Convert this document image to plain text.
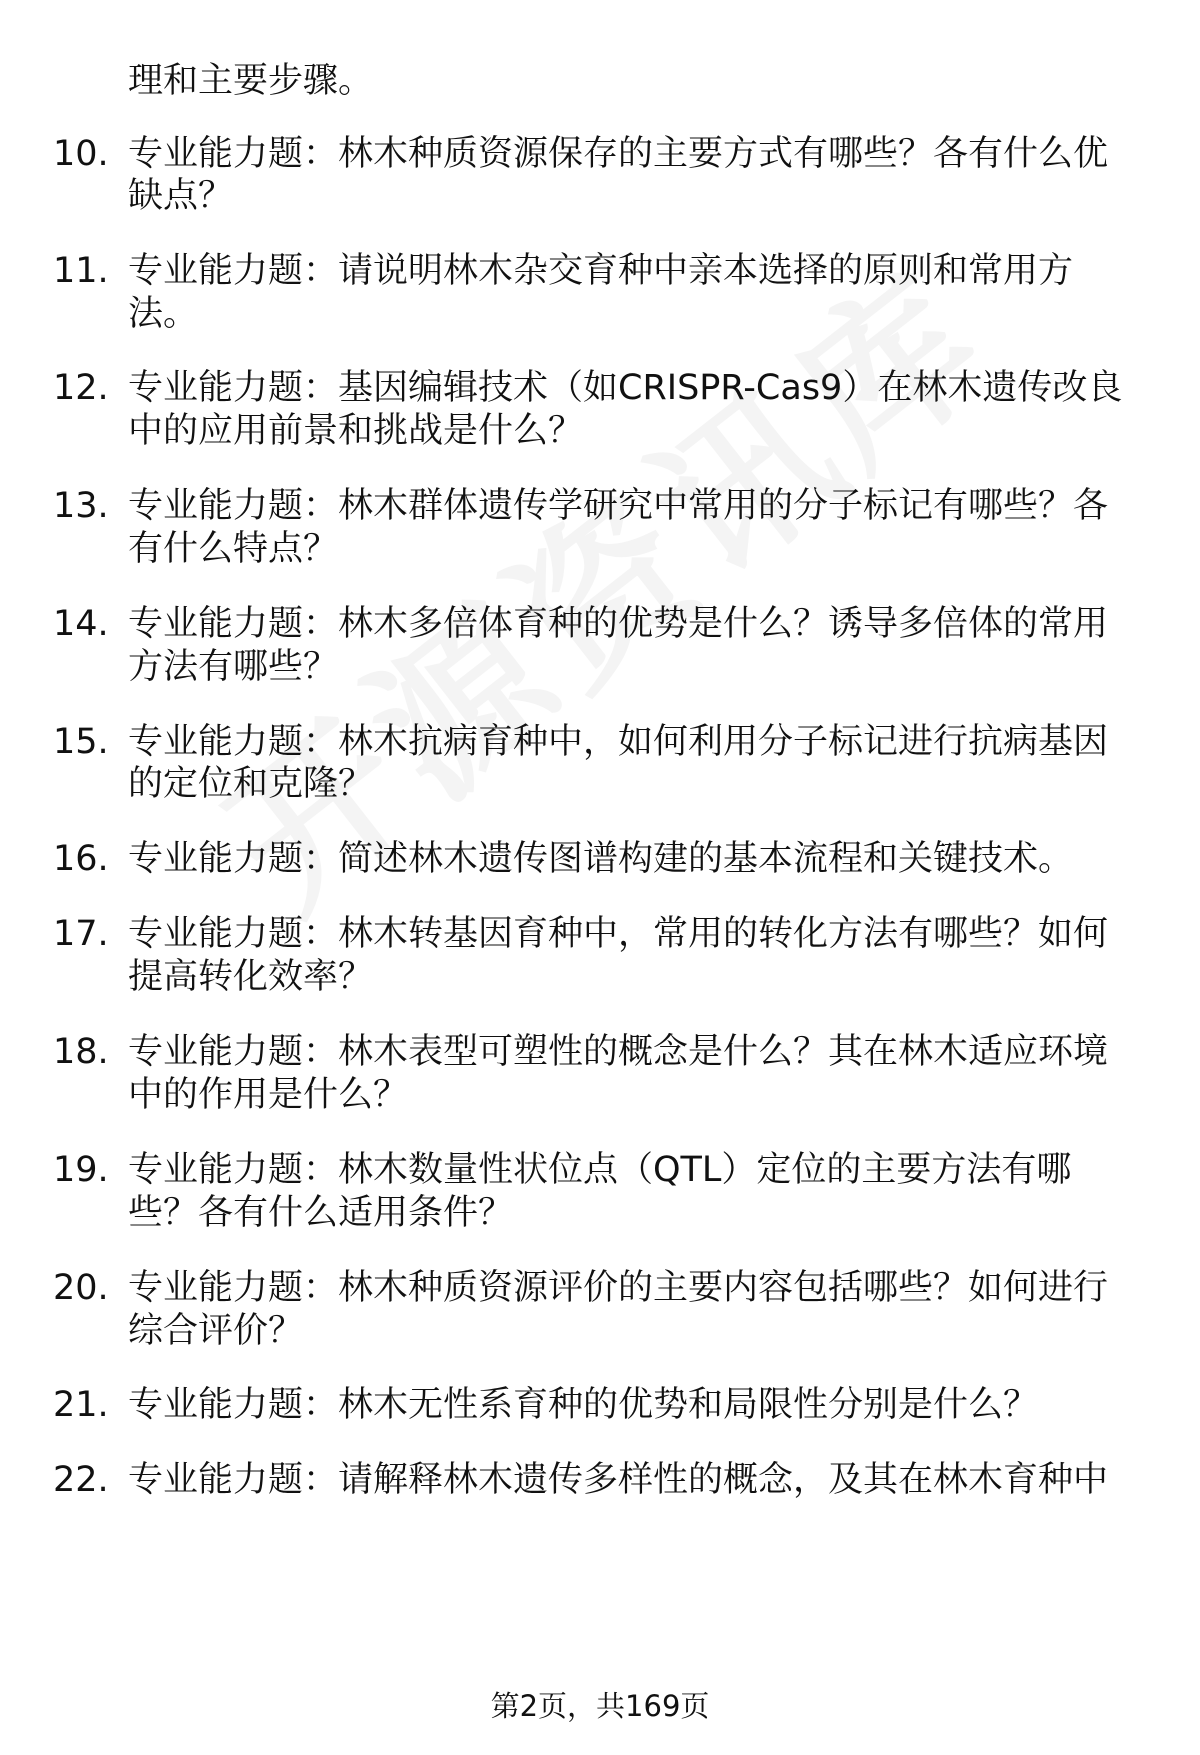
理和主要步骤。
10. 专业能力题：林木种质资源保存的主要方式有哪些？各有什么优
缺点？
11. 专业能力题：请说明林木杂交育种中亲本选择的原则和常用方
法。
12. 专业能力题：基因编辑技术（如CRISPR-Cas9）在林木遗传改良
中的应用前景和挑战是什么？
13. 专业能力题：林木群体遗传学研究中常用的分子标记有哪些？各
有什么特点？
14. 专业能力题：林木多倍体育种的优势是什么？诱导多倍体的常用
方法有哪些？
15. 专业能力题：林木抗病育种中，如何利用分子标记进行抗病基因
的定位和克隆？
16. 专业能力题：简述林木遗传图谱构建的基本流程和关键技术。
17. 专业能力题：林木转基因育种中，常用的转化方法有哪些？如何
提高转化效率？
18. 专业能力题：林木表型可塑性的概念是什么？其在林木适应环境
中的作用是什么？
19. 专业能力题：林木数量性状位点（QTL）定位的主要方法有哪
些？各有什么适用条件？
20. 专业能力题：林木种质资源评价的主要内容包括哪些？如何进行
综合评价？
21. 专业能力题：林木无性系育种的优势和局限性分别是什么？
22. 专业能力题：请解释林木遗传多样性的概念，及其在林木育种中
第2页，共169页
